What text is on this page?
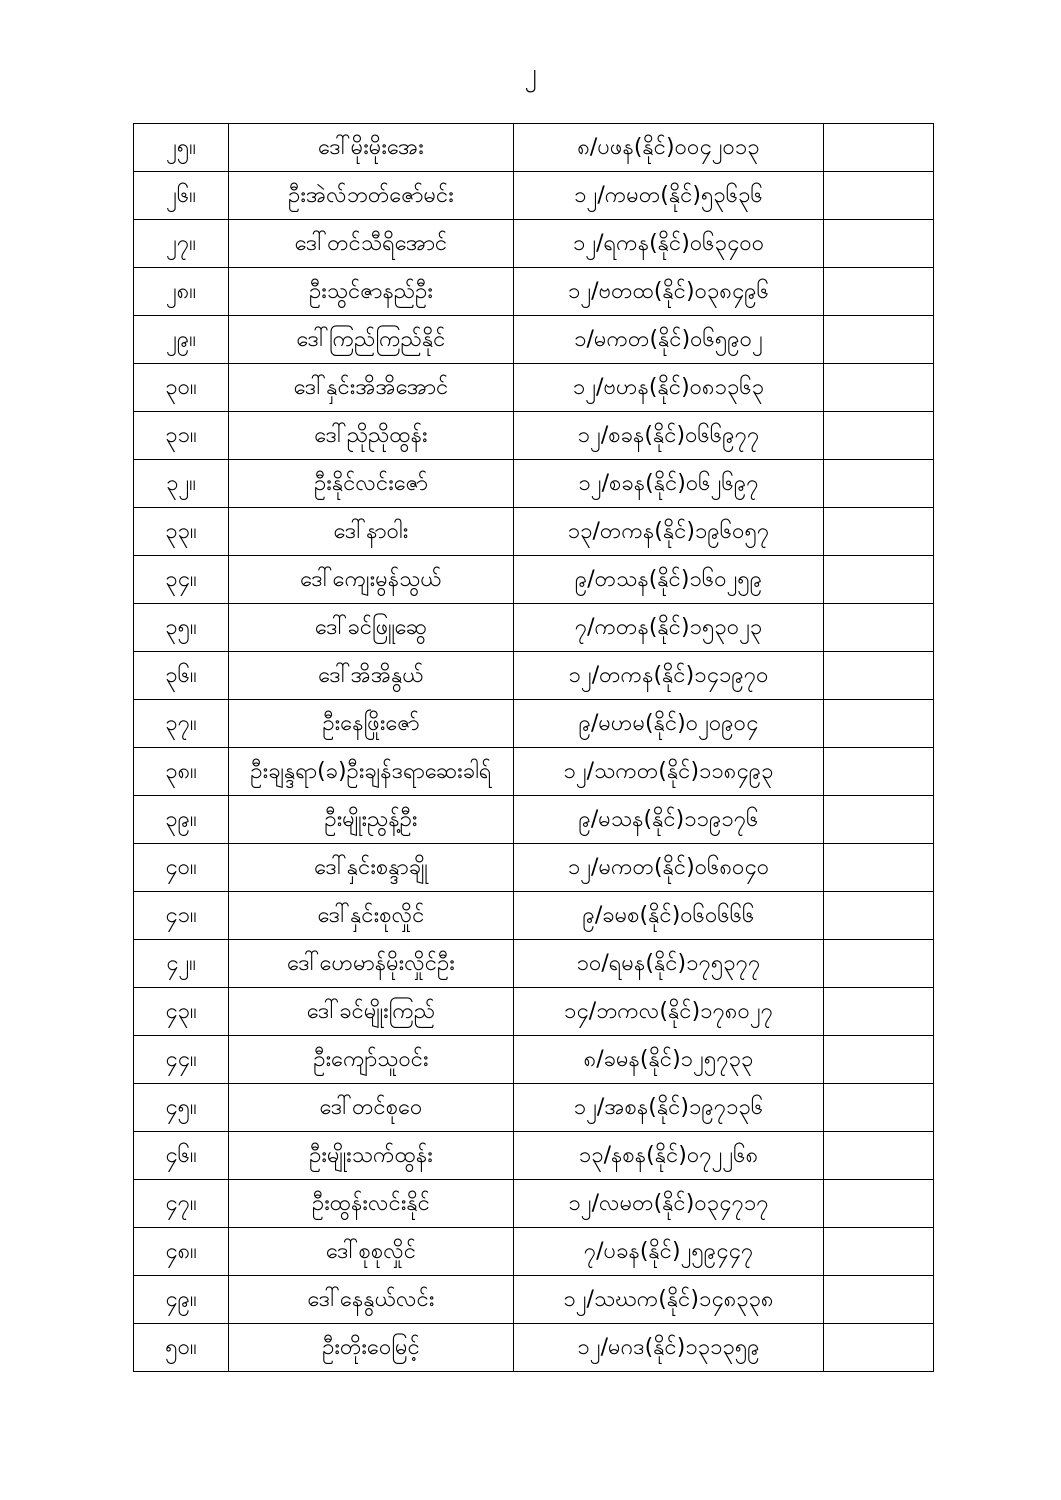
၂
၂၅။	ဒေါ်မိုးမိုးအေး	၈/ပဖန(နိုင်)၀၀၄၂၀၁၃	
၂၆။	ဦးအဲလ်ဘတ်ဇော်မင်း	၁၂/ကမတ(နိုင်)၅၃၆၃၆	
၂၇။	ဒေါ်တင်သီရိအောင်	၁၂/ရကန(နိုင်)၀၆၃၄၀၀	
၂၈။	ဦးသွင်ဇာနည်ဦး	၁၂/ဗတထ(နိုင်)၀၃၈၄၉၆	
၂၉။	ဒေါ်ကြည်ကြည်နိုင်	၁/မကတ(နိုင်)၀၆၅၉၀၂	
၃၀။	ဒေါ်နှင်းအိအိအောင်	၁၂/ဗဟန(နိုင်)၀၈၁၃၆၃	
၃၁။	ဒေါ်ညိုညိုထွန်း	၁၂/စခန(နိုင်)၀၆၆၉၇၇	
၃၂။	ဦးနိုင်လင်းဇော်	၁၂/စခန(နိုင်)၀၆၂၆၉၇	
၃၃။	ဒေါ်နာဝါး	၁၃/တကန(နိုင်)၁၉၆၀၅၇	
၃၄။	ဒေါ်ကျေးမွန်သွယ်	၉/တသန(နိုင်)၁၆၀၂၅၉	
၃၅။	ဒေါ်ခင်ဖြူဆွေ	၇/ကတန(နိုင်)၁၅၃၀၂၃	
၃၆။	ဒေါ်အိအိနွယ်	၁၂/တကန(နိုင်)၁၄၁၉၇၀	
၃၇။	ဦးနေဖြိုးဇော်	၉/မဟမ(နိုင်)၀၂၀၉၀၄	
၃၈။	ဦးချန္ဒရာ(ခ)ဦးချန်ဒရာဆေးခါရ်	၁၂/သကတ(နိုင်)၁၁၈၄၉၃	
၃၉။	ဦးမျိုးညွန့်ဦး	၉/မသန(နိုင်)၁၁၉၁၇၆	
၄၀။	ဒေါ်နှင်းစန္ဒာချို	၁၂/မကတ(နိုင်)၀၆၈၀၄၀	
၄၁။	ဒေါ်နှင်းစုလှိုင်	၉/ခမစ(နိုင်)၀၆၀၆၆၆	
၄၂။	ဒေါ်ဟေမာန်မိုးလှိုင်ဦး	၁၀/ရမန(နိုင်)၁၇၅၃၇၇	
၄၃။	ဒေါ်ခင်မျိုးကြည်	၁၄/ဘကလ(နိုင်)၁၇၈၀၂၇	
၄၄။	ဦးကျော်သူဝင်း	၈/ခမန(နိုင်)၁၂၅၇၃၃	
၄၅။	ဒေါ်တင်စုဝေ	၁၂/အစန(နိုင်)၁၉၇၁၃၆	
၄၆။	ဦးမျိုးသက်ထွန်း	၁၃/နစန(နိုင်)၀၇၂၂၆၈	
၄၇။	ဦးထွန်းလင်းနိုင်	၁၂/လမတ(နိုင်)၀၃၄၇၁၇	
၄၈။	ဒေါ်စုစုလှိုင်	၇/ပခန(နိုင်)၂၅၉၄၄၇	
၄၉။	ဒေါ်နေနွယ်လင်း	၁၂/သဃက(နိုင်)၁၄၈၃၃၈	
၅၀။	ဦးတိုးဝေမြင့်	၁၂/မဂဒ(နိုင်)၁၃၁၃၅၉	
